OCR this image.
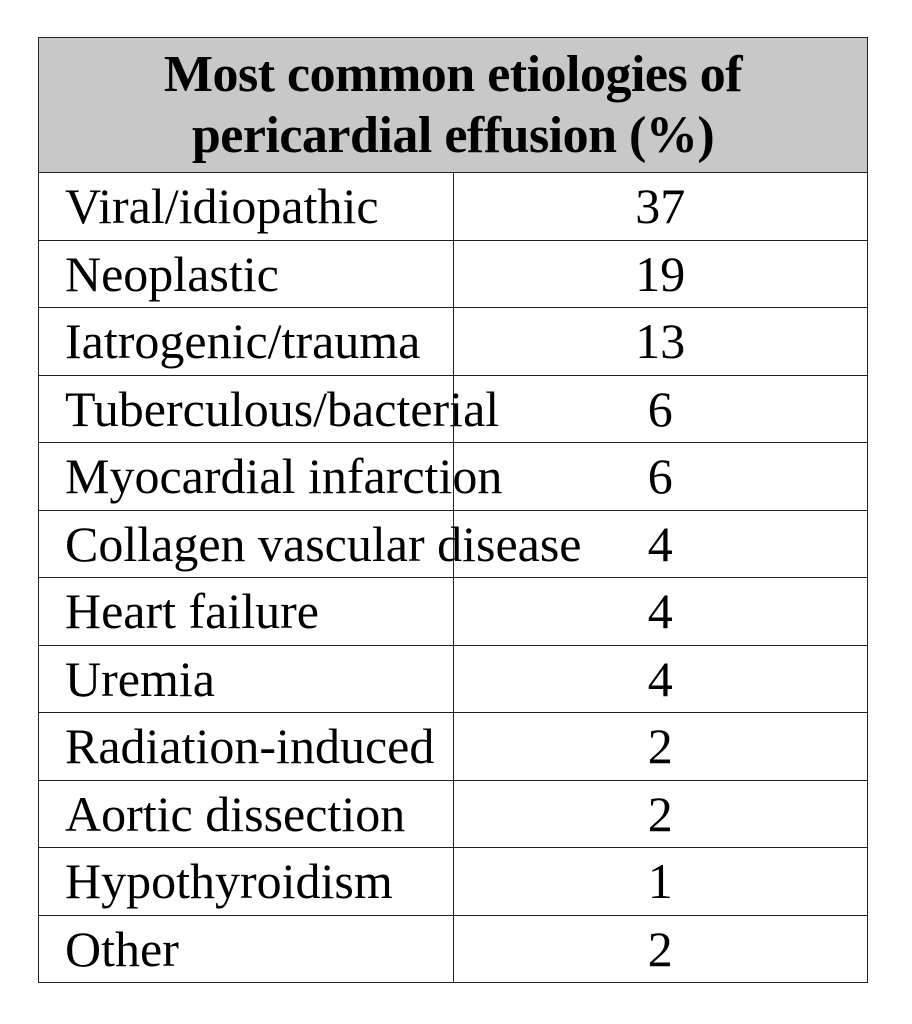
Most common etiologies of
pericardial effusion (%)	
Viral/idiopathic	37
Neoplastic	19
Iatrogenic/trauma	13
Tuberculous/bacterial	6
Myocardial infarction	6
Collagen vascular disease	4
Heart failure	4
Uremia	4
Radiation-induced	2
Aortic dissection	2
Hypothyroidism	1
Other	2
